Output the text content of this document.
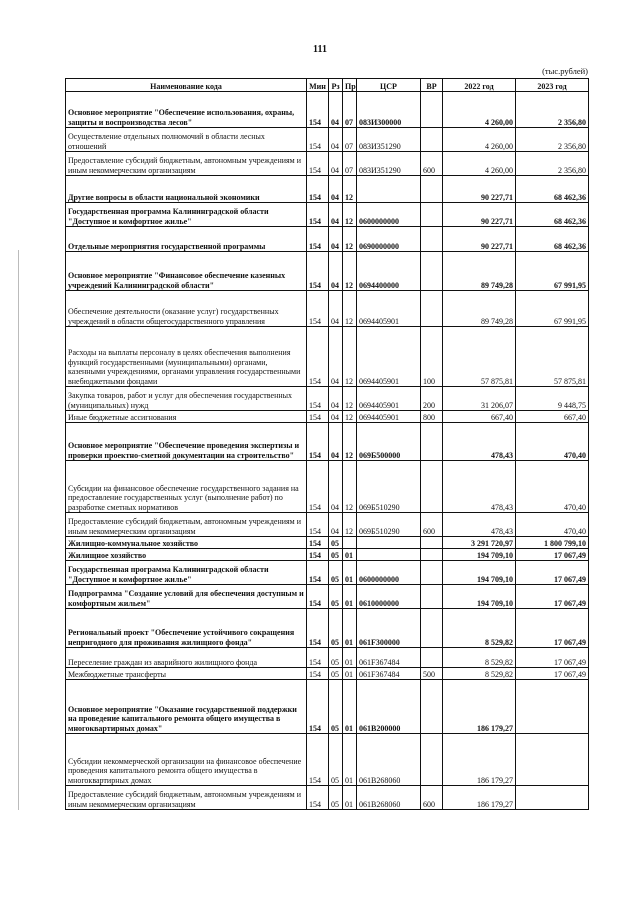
111
(тыс.рублей)
Наименование кода	Мин	Рз	Пр	ЦСР	ВР	2022 год	2023 год
Основное мероприятие "Обеспечение использования, охраны, защиты и воспроизводства лесов"	154	04	07	083И300000		4 260,00	2 356,80
Осуществление отдельных полномочий в области лесных отношений	154	04	07	083И351290		4 260,00	2 356,80
Предоставление субсидий бюджетным, автономным учреждениям и иным некоммерческим организациям	154	04	07	083И351290	600	4 260,00	2 356,80
Другие вопросы в области национальной экономики	154	04	12			90 227,71	68 462,36
Государственная программа Калининградской области "Доступное и комфортное жилье"	154	04	12	0600000000		90 227,71	68 462,36
Отдельные мероприятия государственной программы	154	04	12	0690000000		90 227,71	68 462,36
Основное мероприятие "Финансовое обеспечение казенных учреждений Калининградской области"	154	04	12	0694400000		89 749,28	67 991,95
Обеспечение деятельности (оказание услуг) государственных учреждений в области общегосударственного управления	154	04	12	0694405901		89 749,28	67 991,95
Расходы на выплаты персоналу в целях обеспечения выполнения функций государственными (муниципальными) органами, казенными учреждениями, органами управления государственными внебюджетными фондами	154	04	12	0694405901	100	57 875,81	57 875,81
Закупка товаров, работ и услуг для обеспечения государственных (муниципальных) нужд	154	04	12	0694405901	200	31 206,07	9 448,75
Иные бюджетные ассигнования	154	04	12	0694405901	800	667,40	667,40
Основное мероприятие "Обеспечение проведения экспертизы и проверки проектно-сметной документации на строительство"	154	04	12	069Б500000		478,43	470,40
Субсидии на финансовое обеспечение государственного задания на предоставление государственных услуг (выполнение работ) по разработке сметных нормативов	154	04	12	069Б510290		478,43	470,40
Предоставление субсидий бюджетным, автономным учреждениям и иным некоммерческим организациям	154	04	12	069Б510290	600	478,43	470,40
Жилищно-коммунальное хозяйство	154	05				3 291 720,97	1 800 799,10
Жилищное хозяйство	154	05	01			194 709,10	17 067,49
Государственная программа Калининградской области "Доступное и комфортное жилье"	154	05	01	0600000000		194 709,10	17 067,49
Подпрограмма "Создание условий для обеспечения доступным и комфортным жильем"	154	05	01	0610000000		194 709,10	17 067,49
Региональный проект "Обеспечение устойчивого сокращения непригодного для проживания жилищного фонда"	154	05	01	061F300000		8 529,82	17 067,49
Переселение граждан из аварийного жилищного фонда	154	05	01	061F367484		8 529,82	17 067,49
Межбюджетные трансферты	154	05	01	061F367484	500	8 529,82	17 067,49
Основное мероприятие "Оказание государственной поддержки на проведение капитального ремонта общего имущества в многоквартирных домах"	154	05	01	061B200000		186 179,27	
Субсидии некоммерческой организации на финансовое обеспечение проведения капитального ремонта общего имущества в многоквартирных домах	154	05	01	061B268060		186 179,27	
Предоставление субсидий бюджетным, автономным учреждениям и иным некоммерческим организациям	154	05	01	061B268060	600	186 179,27	
